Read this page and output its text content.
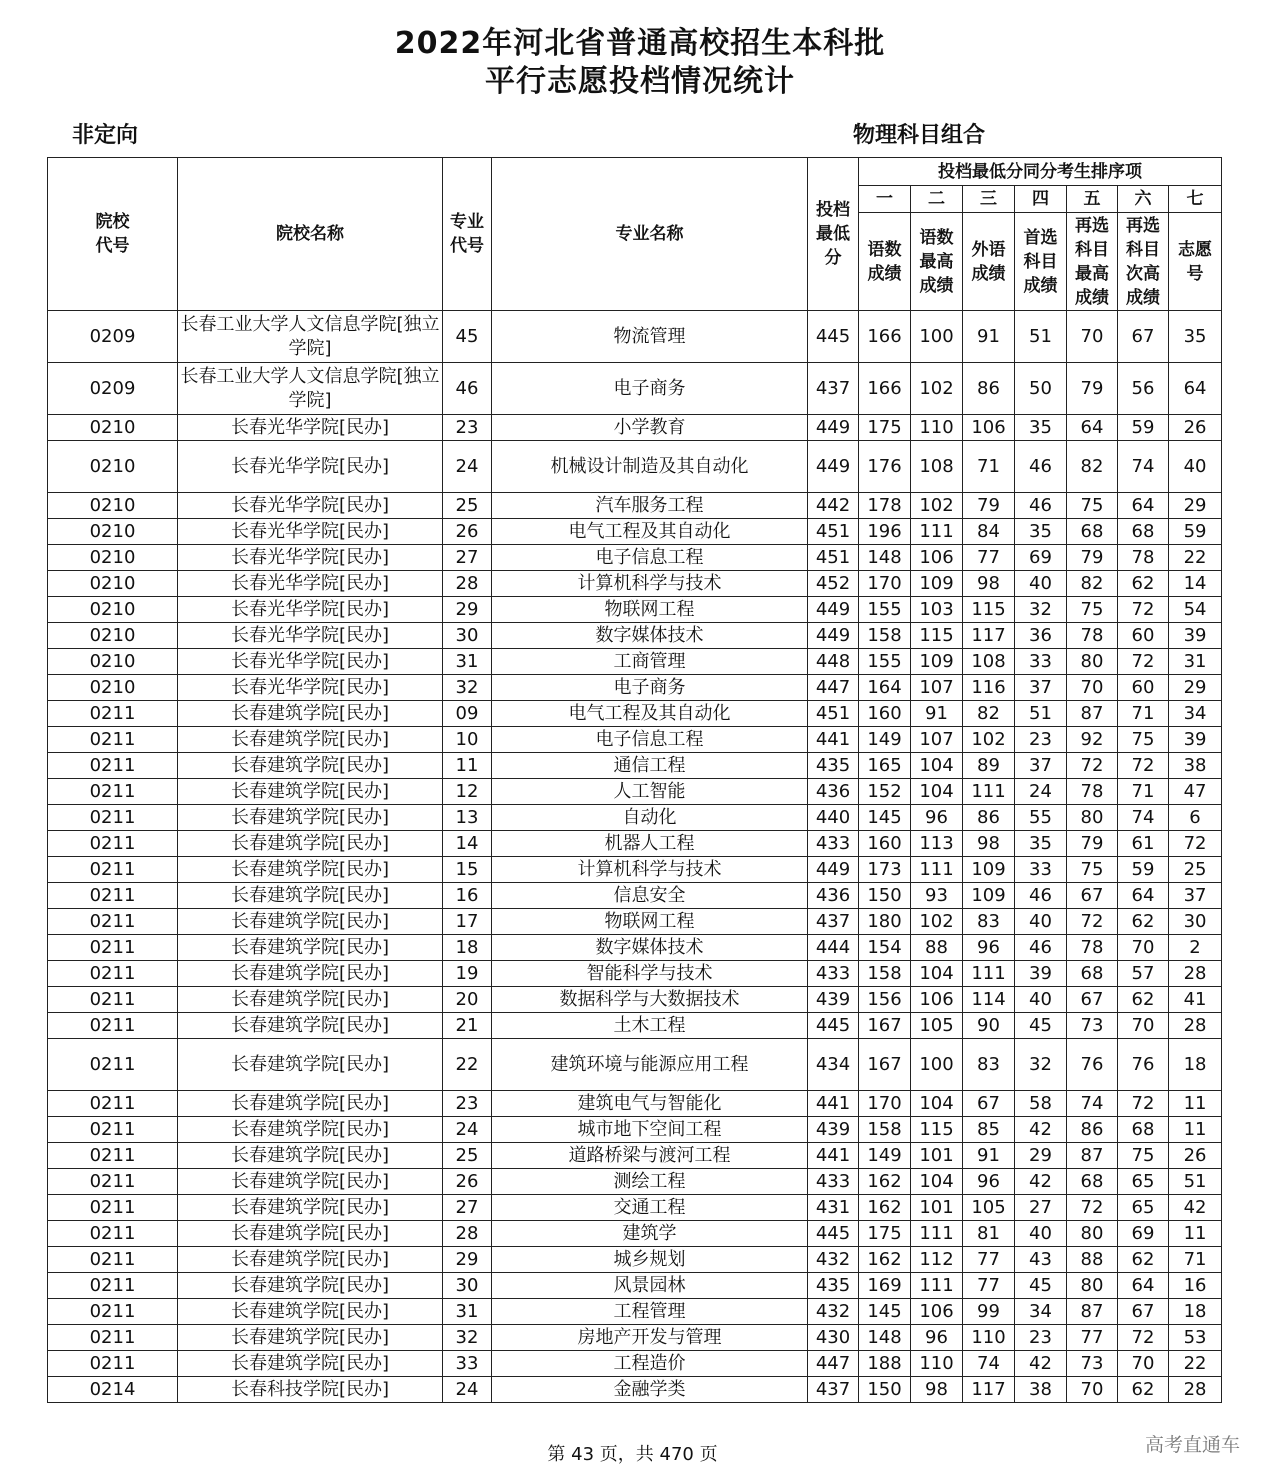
2022年河北省普通高校招生本科批
平行志愿投档情况统计
非定向	物理科目组合
院校代号	院校名称	专业代号	专业名称	投档最低分	投档最低分同分考生排序项						
					一	二	三	四	五	六	七

					语数成绩	语数最高成绩	外语成绩	首选科目成绩	再选科目最高成绩	再选科目次高成绩	志愿号

0209	长春工业大学人文信息学院[独立学院]	45	物流管理	445	166	100	91	51	70	67	35
0209	长春工业大学人文信息学院[独立学院]	46	电子商务	437	166	102	86	50	79	56	64
0210	长春光华学院[民办]	23	小学教育	449	175	110	106	35	64	59	26
0210	长春光华学院[民办]	24	机械设计制造及其自动化	449	176	108	71	46	82	74	40
0210	长春光华学院[民办]	25	汽车服务工程	442	178	102	79	46	75	64	29
0210	长春光华学院[民办]	26	电气工程及其自动化	451	196	111	84	35	68	68	59
0210	长春光华学院[民办]	27	电子信息工程	451	148	106	77	69	79	78	22
0210	长春光华学院[民办]	28	计算机科学与技术	452	170	109	98	40	82	62	14
0210	长春光华学院[民办]	29	物联网工程	449	155	103	115	32	75	72	54
0210	长春光华学院[民办]	30	数字媒体技术	449	158	115	117	36	78	60	39
0210	长春光华学院[民办]	31	工商管理	448	155	109	108	33	80	72	31
0210	长春光华学院[民办]	32	电子商务	447	164	107	116	37	70	60	29
0211	长春建筑学院[民办]	09	电气工程及其自动化	451	160	91	82	51	87	71	34
0211	长春建筑学院[民办]	10	电子信息工程	441	149	107	102	23	92	75	39
0211	长春建筑学院[民办]	11	通信工程	435	165	104	89	37	72	72	38
0211	长春建筑学院[民办]	12	人工智能	436	152	104	111	24	78	71	47
0211	长春建筑学院[民办]	13	自动化	440	145	96	86	55	80	74	6
0211	长春建筑学院[民办]	14	机器人工程	433	160	113	98	35	79	61	72
0211	长春建筑学院[民办]	15	计算机科学与技术	449	173	111	109	33	75	59	25
0211	长春建筑学院[民办]	16	信息安全	436	150	93	109	46	67	64	37
0211	长春建筑学院[民办]	17	物联网工程	437	180	102	83	40	72	62	30
0211	长春建筑学院[民办]	18	数字媒体技术	444	154	88	96	46	78	70	2
0211	长春建筑学院[民办]	19	智能科学与技术	433	158	104	111	39	68	57	28
0211	长春建筑学院[民办]	20	数据科学与大数据技术	439	156	106	114	40	67	62	41
0211	长春建筑学院[民办]	21	土木工程	445	167	105	90	45	73	70	28
0211	长春建筑学院[民办]	22	建筑环境与能源应用工程	434	167	100	83	32	76	76	18
0211	长春建筑学院[民办]	23	建筑电气与智能化	441	170	104	67	58	74	72	11
0211	长春建筑学院[民办]	24	城市地下空间工程	439	158	115	85	42	86	68	11
0211	长春建筑学院[民办]	25	道路桥梁与渡河工程	441	149	101	91	29	87	75	26
0211	长春建筑学院[民办]	26	测绘工程	433	162	104	96	42	68	65	51
0211	长春建筑学院[民办]	27	交通工程	431	162	101	105	27	72	65	42
0211	长春建筑学院[民办]	28	建筑学	445	175	111	81	40	80	69	11
0211	长春建筑学院[民办]	29	城乡规划	432	162	112	77	43	88	62	71
0211	长春建筑学院[民办]	30	风景园林	435	169	111	77	45	80	64	16
0211	长春建筑学院[民办]	31	工程管理	432	145	106	99	34	87	67	18
0211	长春建筑学院[民办]	32	房地产开发与管理	430	148	96	110	23	77	72	53
0211	长春建筑学院[民办]	33	工程造价	447	188	110	74	42	73	70	22
0214	长春科技学院[民办]	24	金融学类	437	150	98	117	38	70	62	28
第 43 页，共 470 页	高考直通车
